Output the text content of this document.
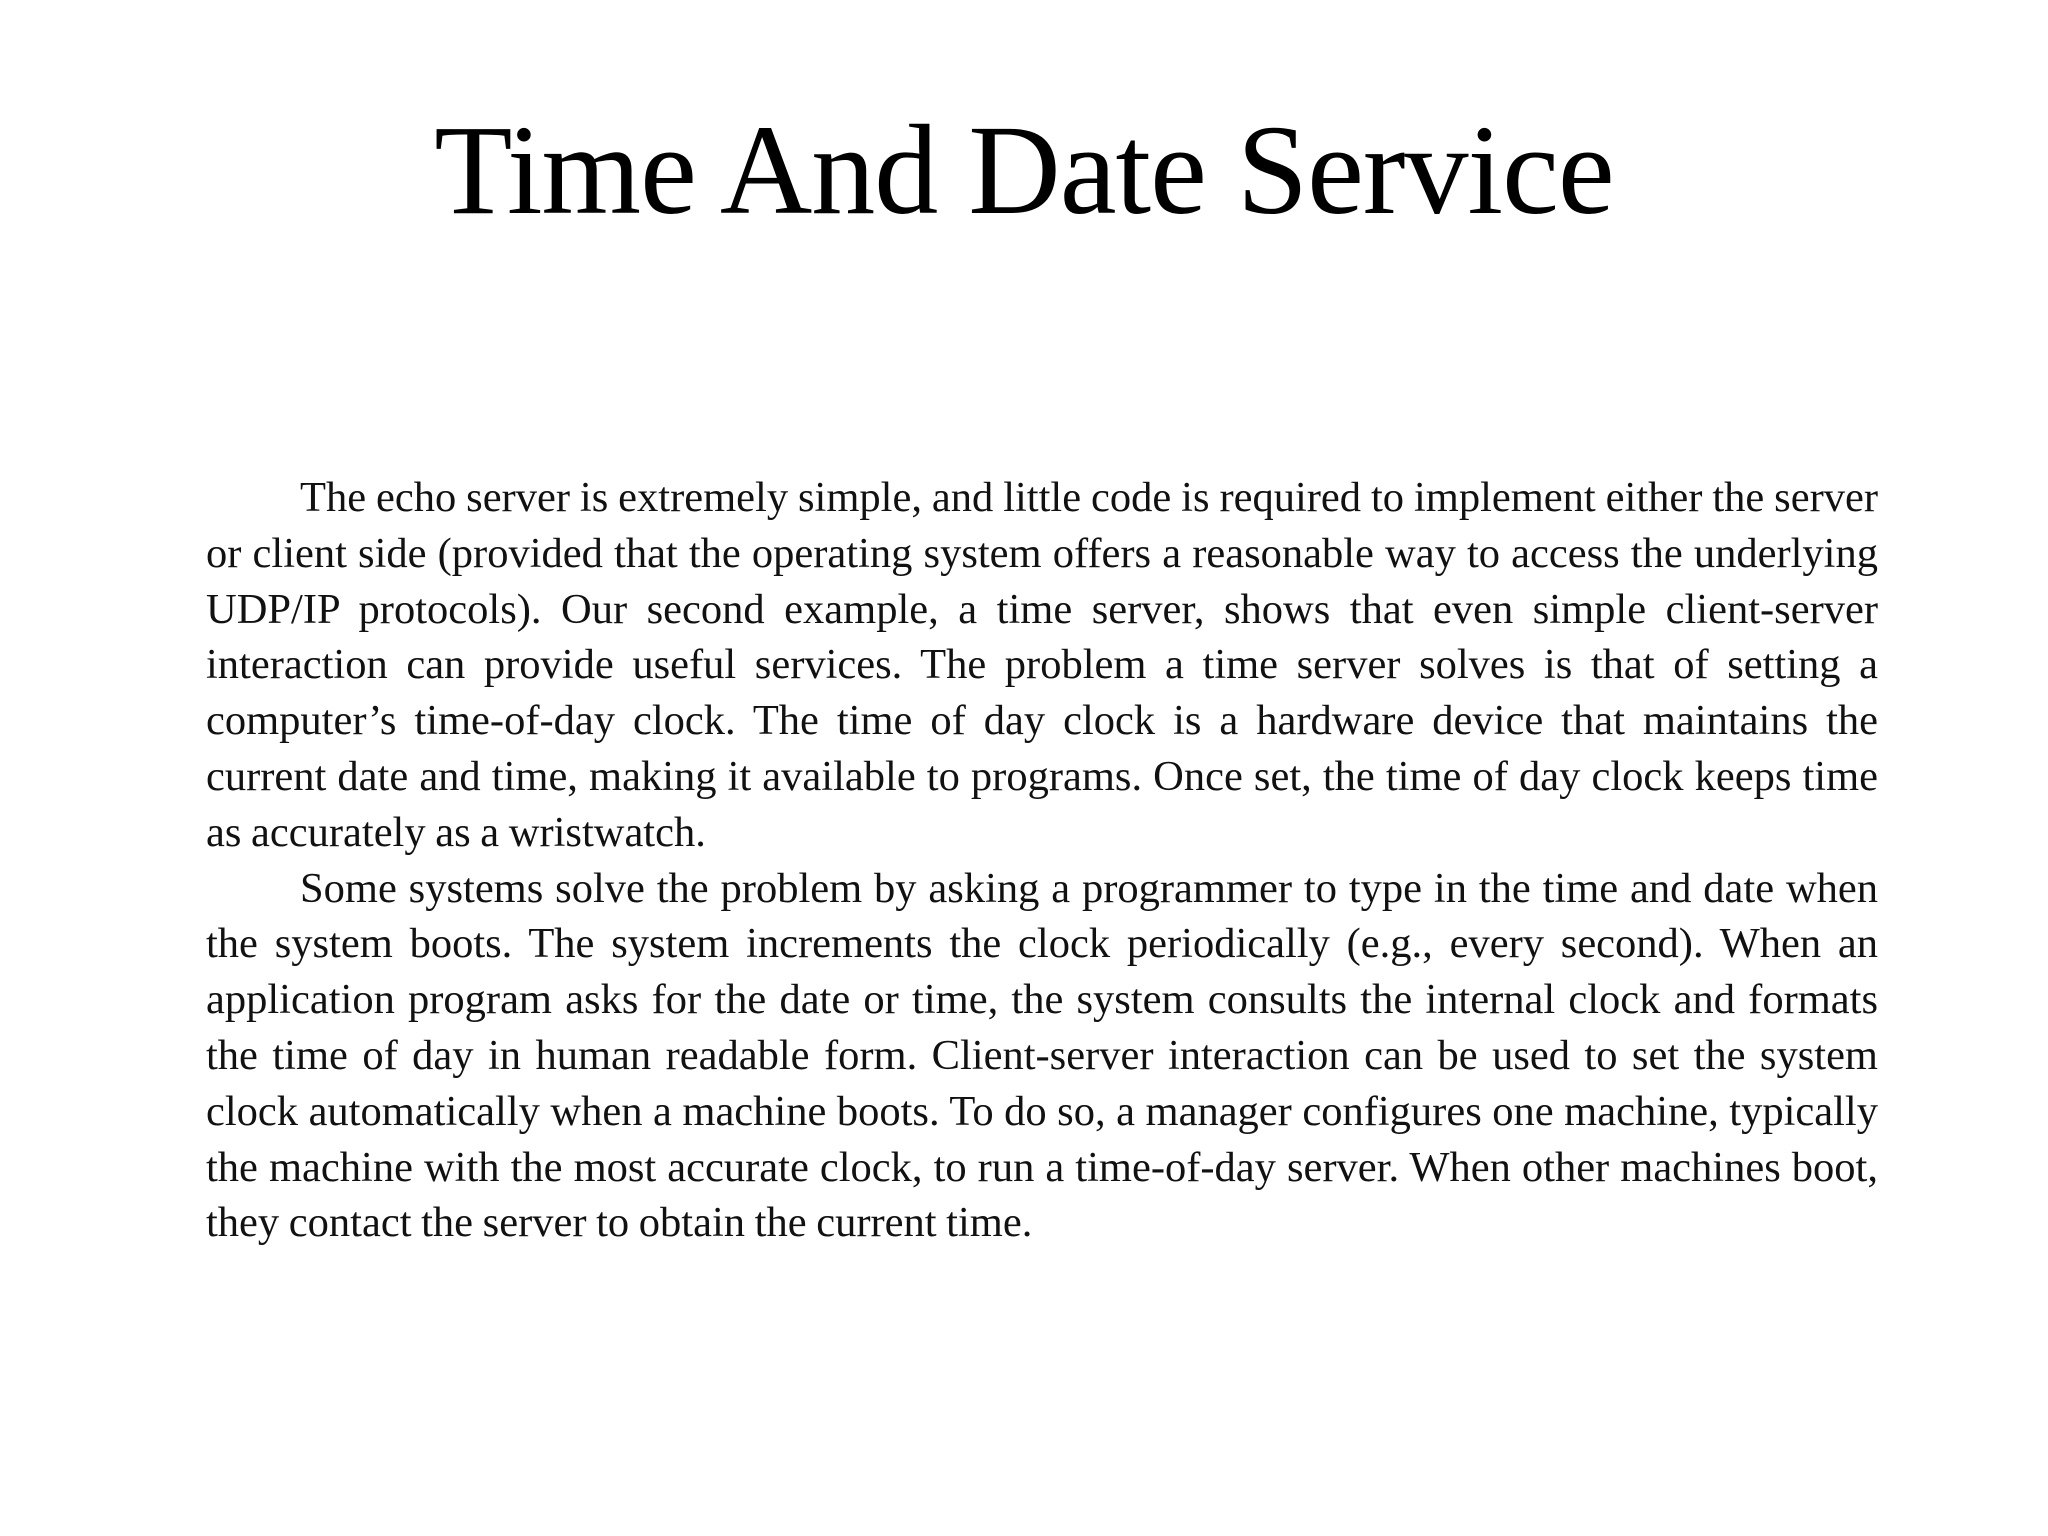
Time And Date Service

The echo server is extremely simple, and little code is required to implement either the server or client side (provided that the operating system offers a reasonable way to access the underlying UDP/IP protocols). Our second example, a time server, shows that even simple client-server interaction can provide useful services. The problem a time server solves is that of setting a computer’s time-of-day clock. The time of day clock is a hardware device that maintains the current date and time, making it available to programs. Once set, the time of day clock keeps time as accurately as a wristwatch.

Some systems solve the problem by asking a programmer to type in the time and date when the system boots. The system increments the clock periodically (e.g., every second). When an application program asks for the date or time, the system consults the internal clock and formats the time of day in human readable form. Client-server interaction can be used to set the system clock automatically when a machine boots. To do so, a manager configures one machine, typically the machine with the most accurate clock, to run a time-of-day server. When other machines boot, they contact the server to obtain the current time.
